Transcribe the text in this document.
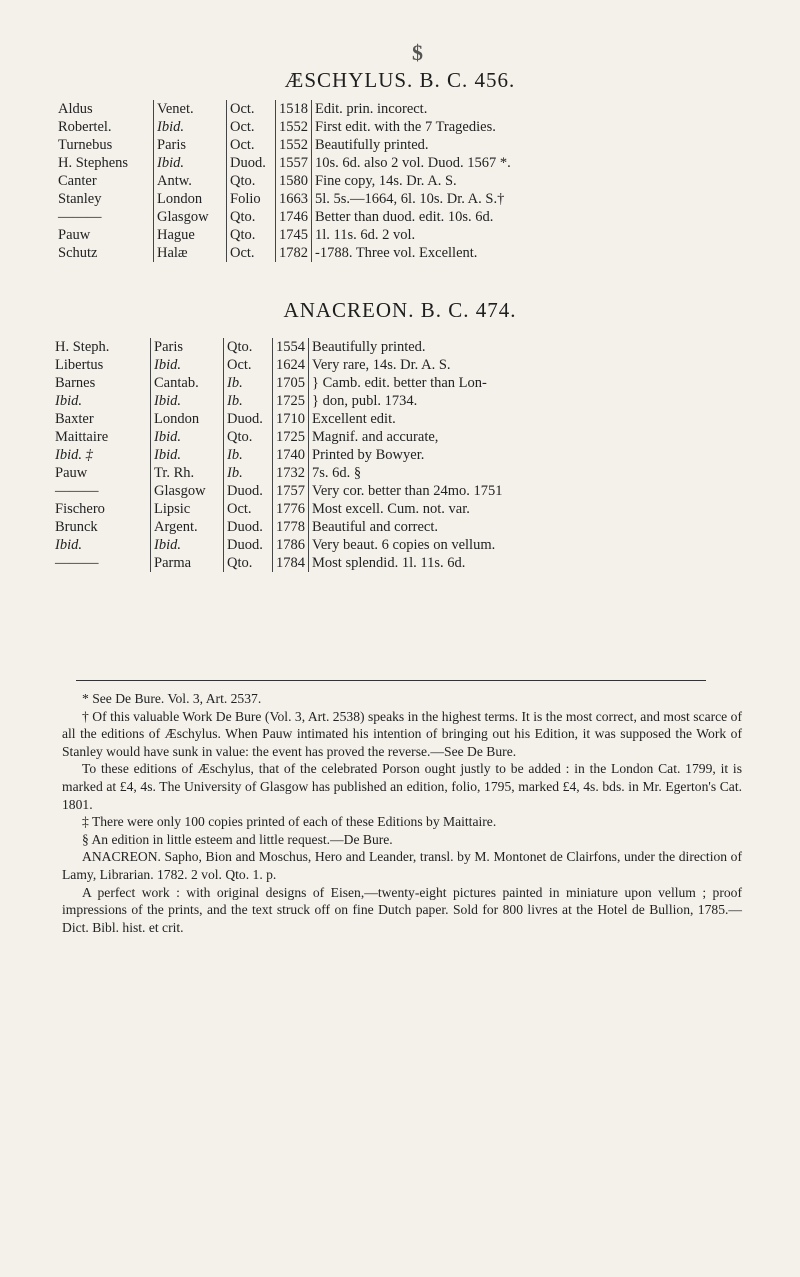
$
ÆSCHYLUS. B. C. 456.
Aldus	Venet.	Oct.	1518	Edit. prin. incorect.
Robertel.	Ibid.	Oct.	1552	First edit. with the 7 Tragedies.
Turnebus	Paris	Oct.	1552	Beautifully printed.
H. Stephens	Ibid.	Duod.	1557	10s. 6d. also 2 vol. Duod. 1567 *.
Canter	Antw.	Qto.	1580	Fine copy, 14s. Dr. A. S.
Stanley	London	Folio	1663	5l. 5s.—1664, 6l. 10s. Dr. A. S.†
———	Glasgow	Qto.	1746	Better than duod. edit. 10s. 6d.
Pauw	Hague	Qto.	1745	1l. 11s. 6d. 2 vol.
Schutz	Halæ	Oct.	1782	-1788. Three vol. Excellent.
ANACREON. B. C. 474.
H. Steph.	Paris	Qto.	1554	Beautifully printed.
Libertus	Ibid.	Oct.	1624	Very rare, 14s. Dr. A. S.
Barnes	Cantab.	Ib.	1705	} Camb. edit. better than Lon-
Ibid.	Ibid.	Ib.	1725	} don, publ. 1734.
Baxter	London	Duod.	1710	Excellent edit.
Maittaire	Ibid.	Qto.	1725	Magnif. and accurate,
Ibid. ‡	Ibid.	Ib.	1740	Printed by Bowyer.
Pauw	Tr. Rh.	Ib.	1732	7s. 6d. §
———	Glasgow	Duod.	1757	Very cor. better than 24mo. 1751
Fischero	Lipsic	Oct.	1776	Most excell. Cum. not. var.
Brunck	Argent.	Duod.	1778	Beautiful and correct.
Ibid.	Ibid.	Duod.	1786	Very beaut. 6 copies on vellum.
———	Parma	Qto.	1784	Most splendid. 1l. 11s. 6d.

* See De Bure. Vol. 3, Art. 2537.

† Of this valuable Work De Bure (Vol. 3, Art. 2538) speaks in the highest terms. It is the most correct, and most scarce of all the editions of Æschylus. When Pauw intimated his intention of bringing out his Edition, it was supposed the Work of Stanley would have sunk in value: the event has proved the reverse.—See De Bure.

To these editions of Æschylus, that of the celebrated Porson ought justly to be added : in the London Cat. 1799, it is marked at £4, 4s. The University of Glasgow has published an edition, folio, 1795, marked £4, 4s. bds. in Mr. Egerton's Cat. 1801.

‡ There were only 100 copies printed of each of these Editions by Maittaire.

§ An edition in little esteem and little request.—De Bure.

ANACREON. Sapho, Bion and Moschus, Hero and Leander, transl. by M. Montonet de Clairfons, under the direction of Lamy, Librarian. 1782. 2 vol. Qto. 1. p.

A perfect work : with original designs of Eisen,—twenty-eight pictures painted in miniature upon vellum ; proof impressions of the prints, and the text struck off on fine Dutch paper. Sold for 800 livres at the Hotel de Bullion, 1785.—Dict. Bibl. hist. et crit.
